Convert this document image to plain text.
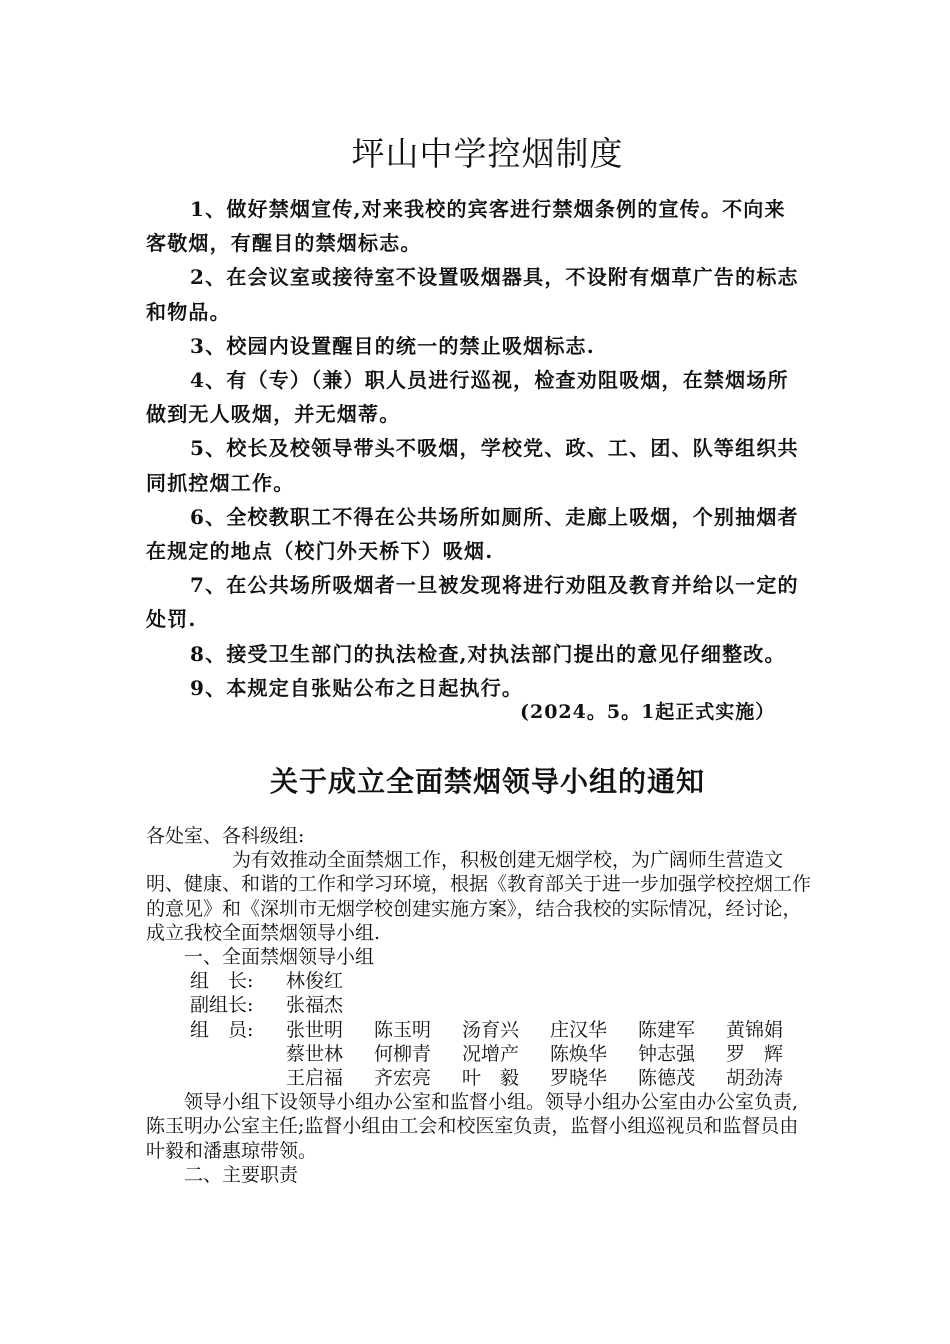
坪山中学控烟制度

1、做好禁烟宣传,对来我校的宾客进行禁烟条例的宣传。不向来客敬烟，有醒目的禁烟标志。

2、在会议室或接待室不设置吸烟器具，不设附有烟草广告的标志和物品。

3、校园内设置醒目的统一的禁止吸烟标志.

4、有（专）（兼）职人员进行巡视，检查劝阻吸烟，在禁烟场所做到无人吸烟，并无烟蒂。

5、校长及校领导带头不吸烟，学校党、政、工、团、队等组织共同抓控烟工作。

6、全校教职工不得在公共场所如厕所、走廊上吸烟，个别抽烟者在规定的地点（校门外天桥下）吸烟.

7、在公共场所吸烟者一旦被发现将进行劝阻及教育并给以一定的处罚.

8、接受卫生部门的执法检查,对执法部门提出的意见仔细整改。

9、本规定自张贴公布之日起执行。

(2024。5。1起正式实施）
关于成立全面禁烟领导小组的通知

各处室、各科级组:

为有效推动全面禁烟工作，积极创建无烟学校，为广阔师生营造文明、健康、和谐的工作和学习环境，根据《教育部关于进一步加强学校控烟工作的意见》和《深圳市无烟学校创建实施方案》，结合我校的实际情况，经讨论，成立我校全面禁烟领导小组.

一、全面禁烟领导小组

组　长:	林俊红
副组长:	张福杰
组　员:	张世明	陈玉明	汤育兴	庄汉华	陈建军	黄锦娟
蔡世林	何柳青	况增产	陈焕华	钟志强	罗　辉
王启福	齐宏亮	叶　毅	罗晓华	陈德茂	胡劲涛

领导小组下设领导小组办公室和监督小组。领导小组办公室由办公室负责,陈玉明办公室主任;监督小组由工会和校医室负责，监督小组巡视员和监督员由叶毅和潘惠琼带领。

二、主要职责
